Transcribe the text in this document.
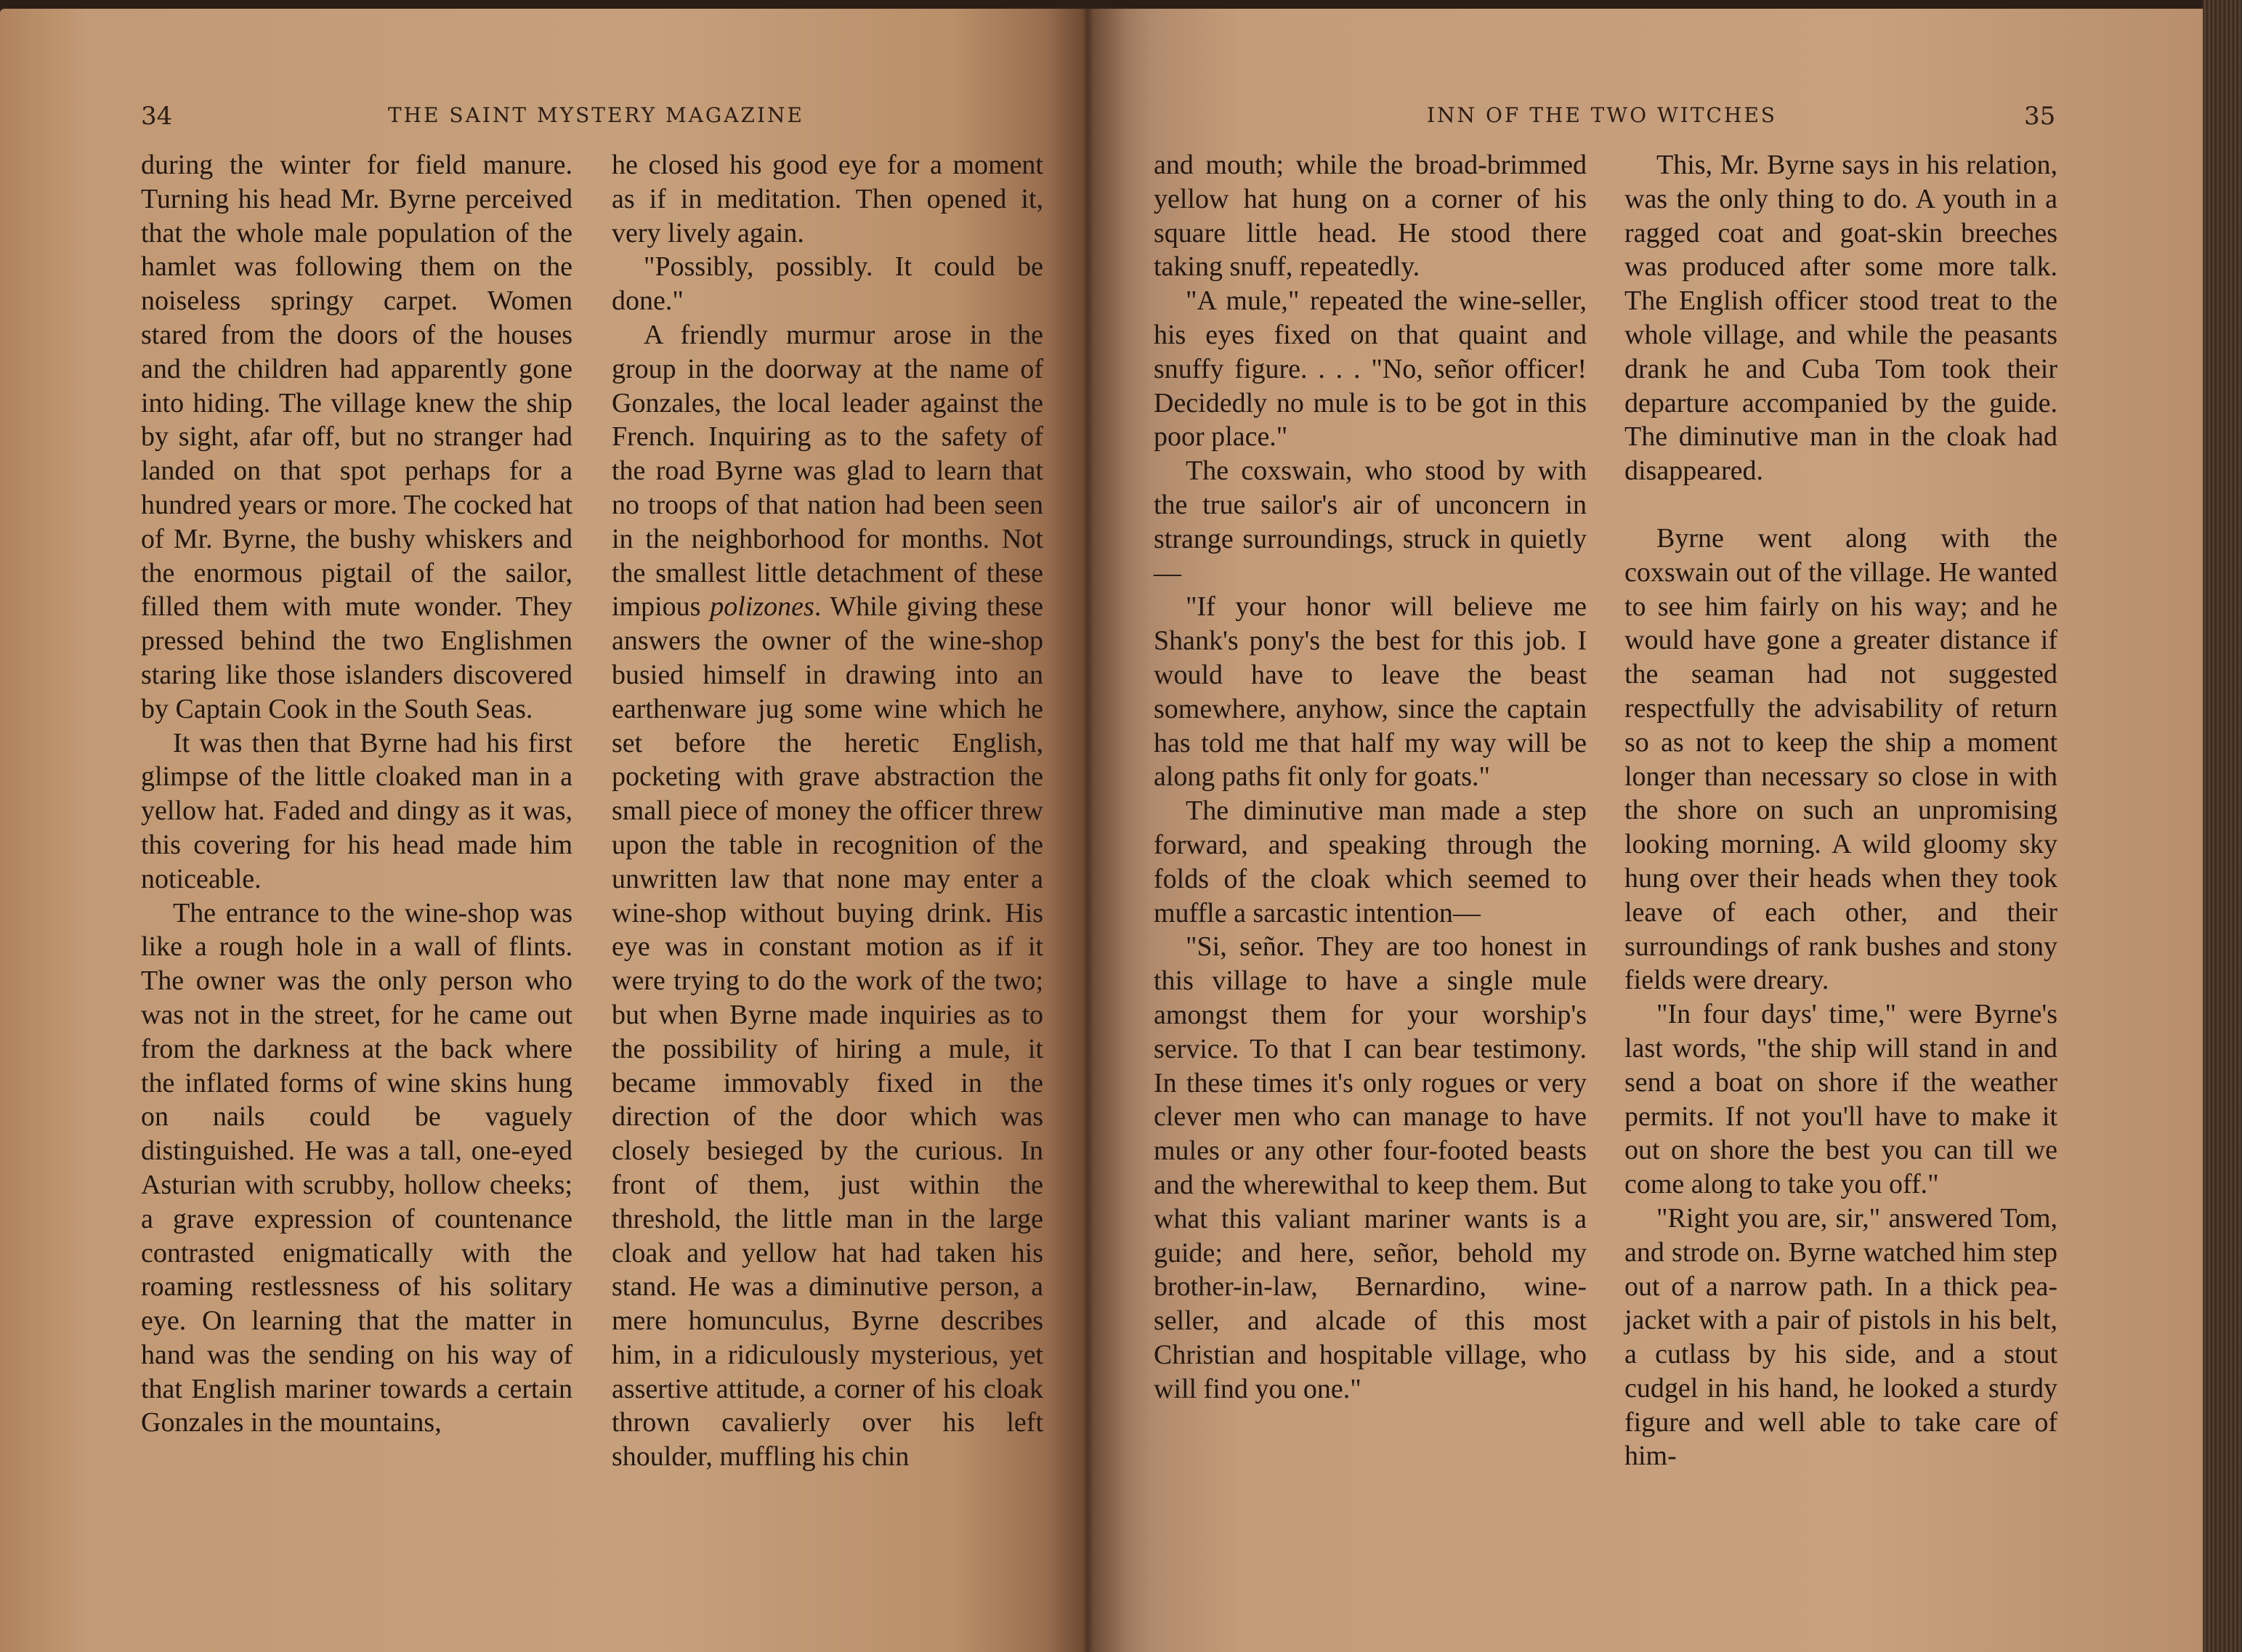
34	THE SAINT MYSTERY MAGAZINE	INN OF THE TWO WITCHES	35

during the winter for field manure. Turning his head Mr. Byrne perceived that the whole male population of the hamlet was following them on the noiseless springy carpet. Women stared from the doors of the houses and the children had apparently gone into hiding. The village knew the ship by sight, afar off, but no stranger had landed on that spot perhaps for a hundred years or more. The cocked hat of Mr. Byrne, the bushy whiskers and the enormous pigtail of the sailor, filled them with mute wonder. They pressed behind the two Englishmen staring like those islanders discovered by Captain Cook in the South Seas.

It was then that Byrne had his first glimpse of the little cloaked man in a yellow hat. Faded and dingy as it was, this covering for his head made him noticeable.

The entrance to the wine-shop was like a rough hole in a wall of flints. The owner was the only person who was not in the street, for he came out from the darkness at the back where the inflated forms of wine skins hung on nails could be vaguely distinguished. He was a tall, one-eyed Asturian with scrubby, hollow cheeks; a grave expression of countenance contrasted enigmatically with the roaming restlessness of his solitary eye. On learning that the matter in hand was the sending on his way of that English mariner towards a certain Gonzales in the mountains,

he closed his good eye for a moment as if in meditation. Then opened it, very lively again.

"Possibly, possibly. It could be done."

A friendly murmur arose in the group in the doorway at the name of Gonzales, the local leader against the French. Inquiring as to the safety of the road Byrne was glad to learn that no troops of that nation had been seen in the neighborhood for months. Not the smallest little detachment of these impious polizones. While giving these answers the owner of the wine-shop busied himself in drawing into an earthenware jug some wine which he set before the heretic English, pocketing with grave abstraction the small piece of money the officer threw upon the table in recognition of the unwritten law that none may enter a wine-shop without buying drink. His eye was in constant motion as if it were trying to do the work of the two; but when Byrne made inquiries as to the possibility of hiring a mule, it became immovably fixed in the direction of the door which was closely besieged by the curious. In front of them, just within the threshold, the little man in the large cloak and yellow hat had taken his stand. He was a diminutive person, a mere homunculus, Byrne describes him, in a ridiculously mysterious, yet assertive attitude, a corner of his cloak thrown cavalierly over his left shoulder, muffling his chin

and mouth; while the broad-brimmed yellow hat hung on a corner of his square little head. He stood there taking snuff, repeatedly.

"A mule," repeated the wine-seller, his eyes fixed on that quaint and snuffy figure. . . . "No, señor officer! Decidedly no mule is to be got in this poor place."

The coxswain, who stood by with the true sailor's air of unconcern in strange surroundings, struck in quietly—

"If your honor will believe me Shank's pony's the best for this job. I would have to leave the beast somewhere, anyhow, since the captain has told me that half my way will be along paths fit only for goats."

The diminutive man made a step forward, and speaking through the folds of the cloak which seemed to muffle a sarcastic intention—

"Si, señor. They are too honest in this village to have a single mule amongst them for your worship's service. To that I can bear testimony. In these times it's only rogues or very clever men who can manage to have mules or any other four-footed beasts and the wherewithal to keep them. But what this valiant mariner wants is a guide; and here, señor, behold my brother-in-law, Bernardino, wine-seller, and alcade of this most Christian and hospitable village, who will find you one."

This, Mr. Byrne says in his relation, was the only thing to do. A youth in a ragged coat and goat-skin breeches was produced after some more talk. The English officer stood treat to the whole village, and while the peasants drank he and Cuba Tom took their departure accompanied by the guide. The diminutive man in the cloak had disappeared.

Byrne went along with the coxswain out of the village. He wanted to see him fairly on his way; and he would have gone a greater distance if the seaman had not suggested respectfully the advisability of return so as not to keep the ship a moment longer than necessary so close in with the shore on such an unpromising looking morning. A wild gloomy sky hung over their heads when they took leave of each other, and their surroundings of rank bushes and stony fields were dreary.

"In four days' time," were Byrne's last words, "the ship will stand in and send a boat on shore if the weather permits. If not you'll have to make it out on shore the best you can till we come along to take you off."

"Right you are, sir," answered Tom, and strode on. Byrne watched him step out of a narrow path. In a thick pea-jacket with a pair of pistols in his belt, a cutlass by his side, and a stout cudgel in his hand, he looked a sturdy figure and well able to take care of him-
